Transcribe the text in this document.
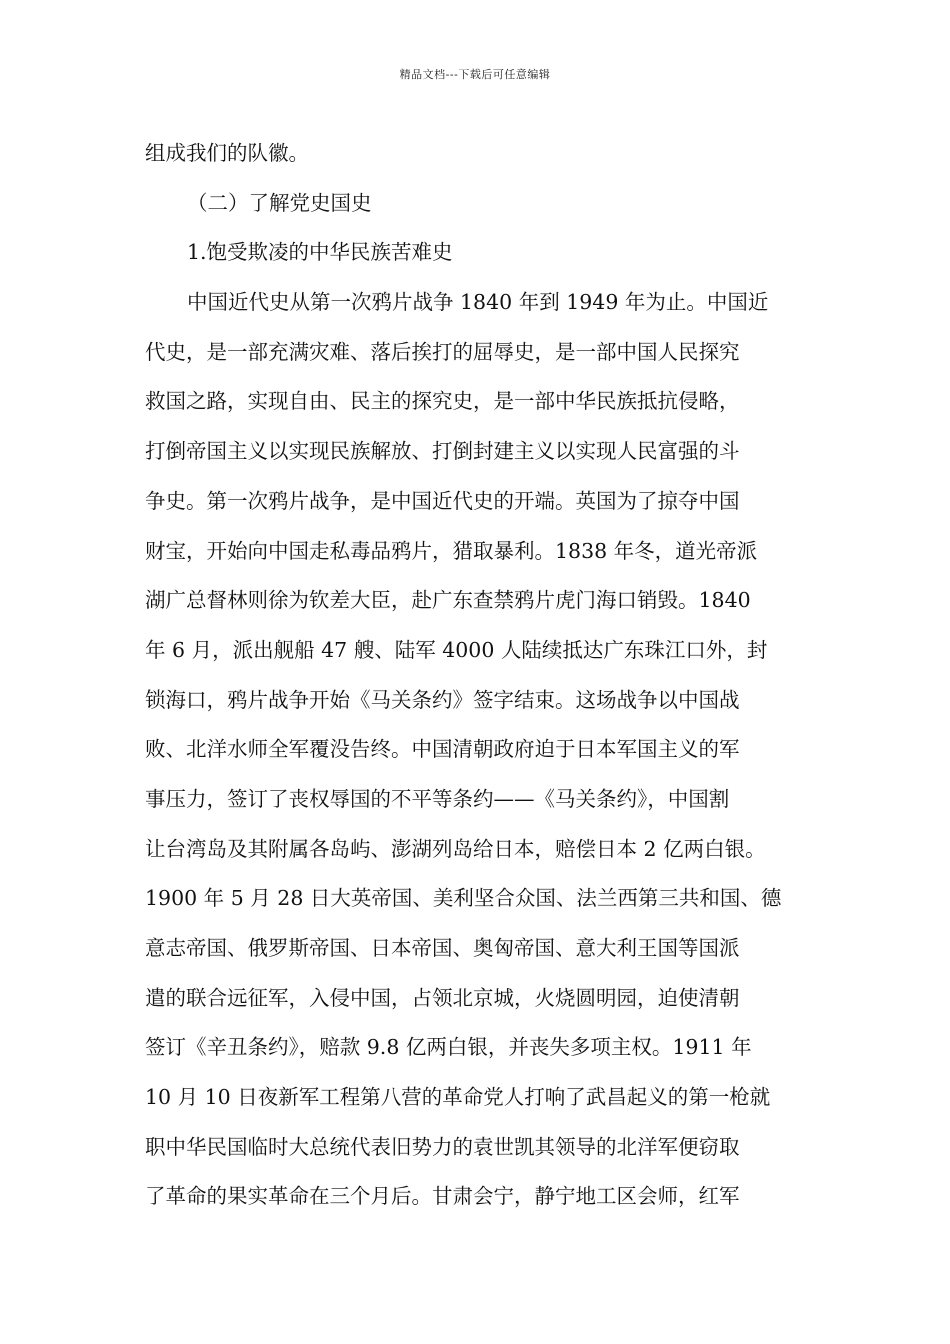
精品文档---下载后可任意编辑
组成我们的队徽。
（二）了解党史国史
1.饱受欺凌的中华民族苦难史
中国近代史从第一次鸦片战争 1840 年到 1949 年为止。中国近
代史，是一部充满灾难、落后挨打的屈辱史，是一部中国人民探究
救国之路，实现自由、民主的探究史，是一部中华民族抵抗侵略，
打倒帝国主义以实现民族解放、打倒封建主义以实现人民富强的斗
争史。第一次鸦片战争，是中国近代史的开端。英国为了掠夺中国
财宝，开始向中国走私毒品鸦片，猎取暴利。1838 年冬，道光帝派
湖广总督林则徐为钦差大臣，赴广东查禁鸦片虎门海口销毁。1840
年 6 月，派出舰船 47 艘、陆军 4000 人陆续抵达广东珠江口外，封
锁海口，鸦片战争开始《马关条约》签字结束。这场战争以中国战
败、北洋水师全军覆没告终。中国清朝政府迫于日本军国主义的军
事压力，签订了丧权辱国的不平等条约——《马关条约》，中国割
让台湾岛及其附属各岛屿、澎湖列岛给日本，赔偿日本 2 亿两白银。
1900 年 5 月 28 日大英帝国、美利坚合众国、法兰西第三共和国、德
意志帝国、俄罗斯帝国、日本帝国、奥匈帝国、意大利王国等国派
遣的联合远征军，入侵中国，占领北京城，火烧圆明园，迫使清朝
签订《辛丑条约》，赔款 9.8 亿两白银，并丧失多项主权。1911 年
10 月 10 日夜新军工程第八营的革命党人打响了武昌起义的第一枪就
职中华民国临时大总统代表旧势力的袁世凯其领导的北洋军便窃取
了革命的果实革命在三个月后。甘肃会宁，静宁地工区会师，红军
